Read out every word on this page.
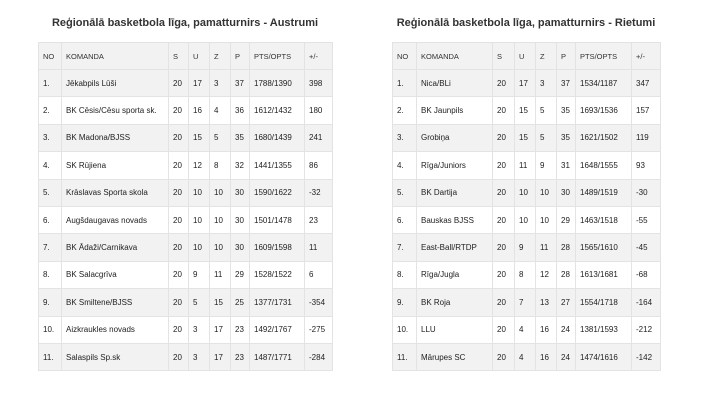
Reģionālā basketbola līga, pamatturnirs - Austrumi
NO	KOMANDA	S	U	Z	P	PTS/OPTS	+/-
1.	Jēkabpils Lūši	20	17	3	37	1788/1390	398
2.	BK Cēsis/Cēsu sporta sk.	20	16	4	36	1612/1432	180
3.	BK Madona/BJSS	20	15	5	35	1680/1439	241
4.	SK Rūjiena	20	12	8	32	1441/1355	86
5.	Krāslavas Sporta skola	20	10	10	30	1590/1622	-32
6.	Augšdaugavas novads	20	10	10	30	1501/1478	23
7.	BK Ādaži/Carnikava	20	10	10	30	1609/1598	11
8.	BK Salacgrīva	20	9	11	29	1528/1522	6
9.	BK Smiltene/BJSS	20	5	15	25	1377/1731	-354
10.	Aizkraukles novads	20	3	17	23	1492/1767	-275
11.	Salaspils Sp.sk	20	3	17	23	1487/1771	-284
Reģionālā basketbola līga, pamatturnirs - Rietumi
NO	KOMANDA	S	U	Z	P	PTS/OPTS	+/-
1.	Nica/BLi	20	17	3	37	1534/1187	347
2.	BK Jaunpils	20	15	5	35	1693/1536	157
3.	Grobiņa	20	15	5	35	1621/1502	119
4.	Rīga/Juniors	20	11	9	31	1648/1555	93
5.	BK Dartija	20	10	10	30	1489/1519	-30
6.	Bauskas BJSS	20	10	10	29	1463/1518	-55
7.	East-Ball/RTDP	20	9	11	28	1565/1610	-45
8.	Rīga/Jugla	20	8	12	28	1613/1681	-68
9.	BK Roja	20	7	13	27	1554/1718	-164
10.	LLU	20	4	16	24	1381/1593	-212
11.	Mārupes SC	20	4	16	24	1474/1616	-142
